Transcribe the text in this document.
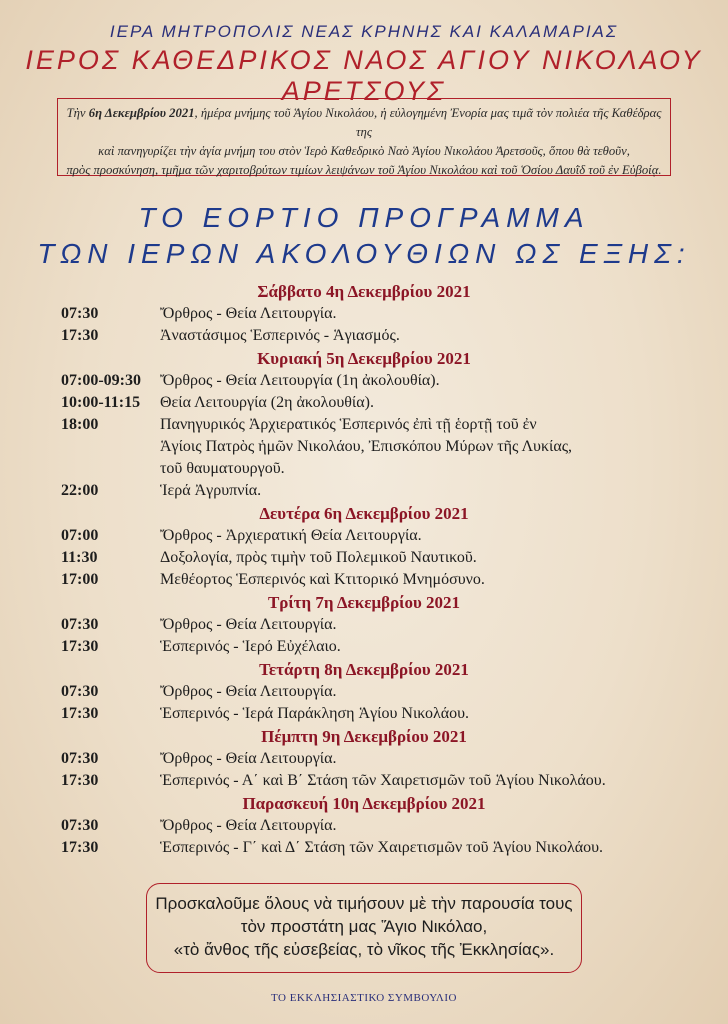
ΙΕΡΑ ΜΗΤΡΟΠΟΛΙΣ ΝΕΑΣ ΚΡΗΝΗΣ ΚΑΙ ΚΑΛΑΜΑΡΙΑΣ
ΙΕΡΟΣ ΚΑΘΕΔΡΙΚΟΣ ΝΑΟΣ ΑΓΙΟΥ ΝΙΚΟΛΑΟΥ ΑΡΕΤΣΟΥΣ
Τὴν 6η Δεκεμβρίου 2021, ἡμέρα μνήμης τοῦ Ἁγίου Νικολάου, ἡ εὐλογημένη Ἐνορία μας τιμᾶ τὸν πολιέα τῆς Καθέδρας της
καὶ πανηγυρίζει τὴν ἁγία μνήμη του στὸν Ἱερὸ Καθεδρικὸ Ναὸ Ἁγίου Νικολάου Ἀρετσοῦς, ὅπου θὰ τεθοῦν,
πρὸς προσκύνηση, τμῆμα τῶν χαριτοβρύτων τιμίων λειψάνων τοῦ Ἁγίου Νικολάου καὶ τοῦ Ὁσίου Δαυῒδ τοῦ ἐν Εὐβοίᾳ.
ΤΟ ΕΟΡΤΙΟ ΠΡΟΓΡΑΜΜΑ
ΤΩΝ ΙΕΡΩΝ ΑΚΟΛΟΥΘΙΩΝ ΩΣ ΕΞΗΣ:
Σάββατο 4η Δεκεμβρίου 2021
07:30	Ὄρθρος - Θεία Λειτουργία.
17:30	Ἀναστάσιμος Ἑσπερινός - Ἁγιασμός.
Κυριακή 5η Δεκεμβρίου 2021
07:00-09:30	Ὄρθρος - Θεία Λειτουργία (1η ἀκολουθία).
10:00-11:15	Θεία Λειτουργία (2η ἀκολουθία).
18:00	Πανηγυρικός Ἀρχιερατικός Ἑσπερινός ἐπὶ τῇ ἑορτῇ τοῦ ἐν
Ἁγίοις Πατρὸς ἡμῶν Νικολάου, Ἐπισκόπου Μύρων τῆς Λυκίας,
τοῦ θαυματουργοῦ.
22:00	Ἱερά Ἀγρυπνία.
Δευτέρα 6η Δεκεμβρίου 2021
07:00	Ὄρθρος - Ἀρχιερατική Θεία Λειτουργία.
11:30	Δοξολογία, πρὸς τιμὴν τοῦ Πολεμικοῦ Ναυτικοῦ.
17:00	Μεθέορτος Ἑσπερινός καὶ Κτιτορικό Μνημόσυνο.
Τρίτη 7η Δεκεμβρίου 2021
07:30	Ὄρθρος - Θεία Λειτουργία.
17:30	Ἑσπερινός - Ἱερό Εὐχέλαιο.
Τετάρτη 8η Δεκεμβρίου 2021
07:30	Ὄρθρος - Θεία Λειτουργία.
17:30	Ἑσπερινός - Ἱερά Παράκληση Ἁγίου Νικολάου.
Πέμπτη 9η Δεκεμβρίου 2021
07:30	Ὄρθρος - Θεία Λειτουργία.
17:30	Ἑσπερινός - Α΄ καὶ Β΄ Στάση τῶν Χαιρετισμῶν τοῦ Ἁγίου Νικολάου.
Παρασκευή 10η Δεκεμβρίου 2021
07:30	Ὄρθρος - Θεία Λειτουργία.
17:30	Ἑσπερινός - Γ΄ καὶ Δ΄ Στάση τῶν Χαιρετισμῶν τοῦ Ἁγίου Νικολάου.
Προσκαλοῦμε ὅλους νὰ τιμήσουν μὲ τὴν παρουσία τους
τὸν προστάτη μας Ἅγιο Νικόλαο,
«τὸ ἄνθος τῆς εὐσεβείας, τὸ νῖκος τῆς Ἐκκλησίας».
ΤΟ ΕΚΚΛΗΣΙΑΣΤΙΚΟ ΣΥΜΒΟΥΛΙΟ
